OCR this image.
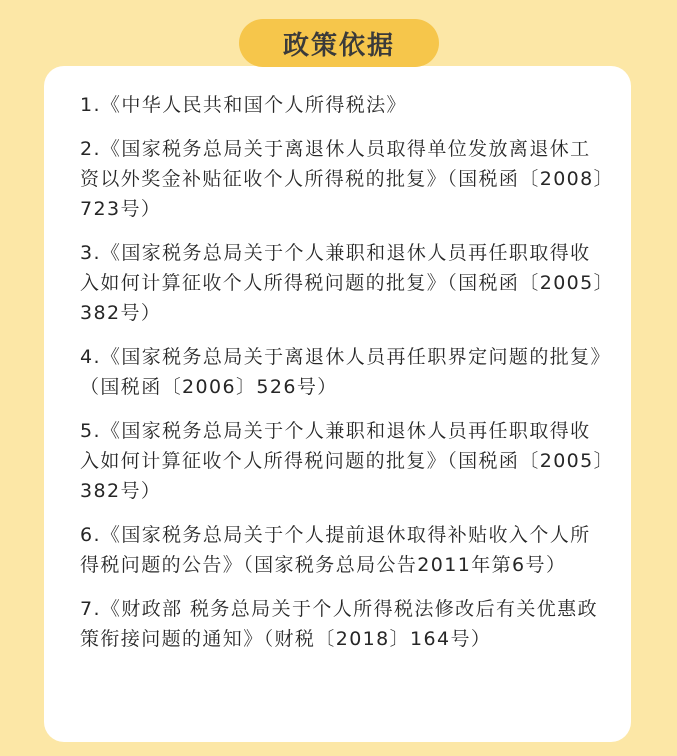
政策依据
1.《中华人民共和国个人所得税法》
2.《国家税务总局关于离退休人员取得单位发放离退休工资以外奖金补贴征收个人所得税的批复》（国税函〔2008〕723号）
3.《国家税务总局关于个人兼职和退休人员再任职取得收入如何计算征收个人所得税问题的批复》（国税函〔2005〕382号）
4.《国家税务总局关于离退休人员再任职界定问题的批复》（国税函〔2006〕526号）
5.《国家税务总局关于个人兼职和退休人员再任职取得收入如何计算征收个人所得税问题的批复》（国税函〔2005〕382号）
6.《国家税务总局关于个人提前退休取得补贴收入个人所得税问题的公告》（国家税务总局公告2011年第6号）
7.《财政部 税务总局关于个人所得税法修改后有关优惠政策衔接问题的通知》（财税〔2018〕164号）
